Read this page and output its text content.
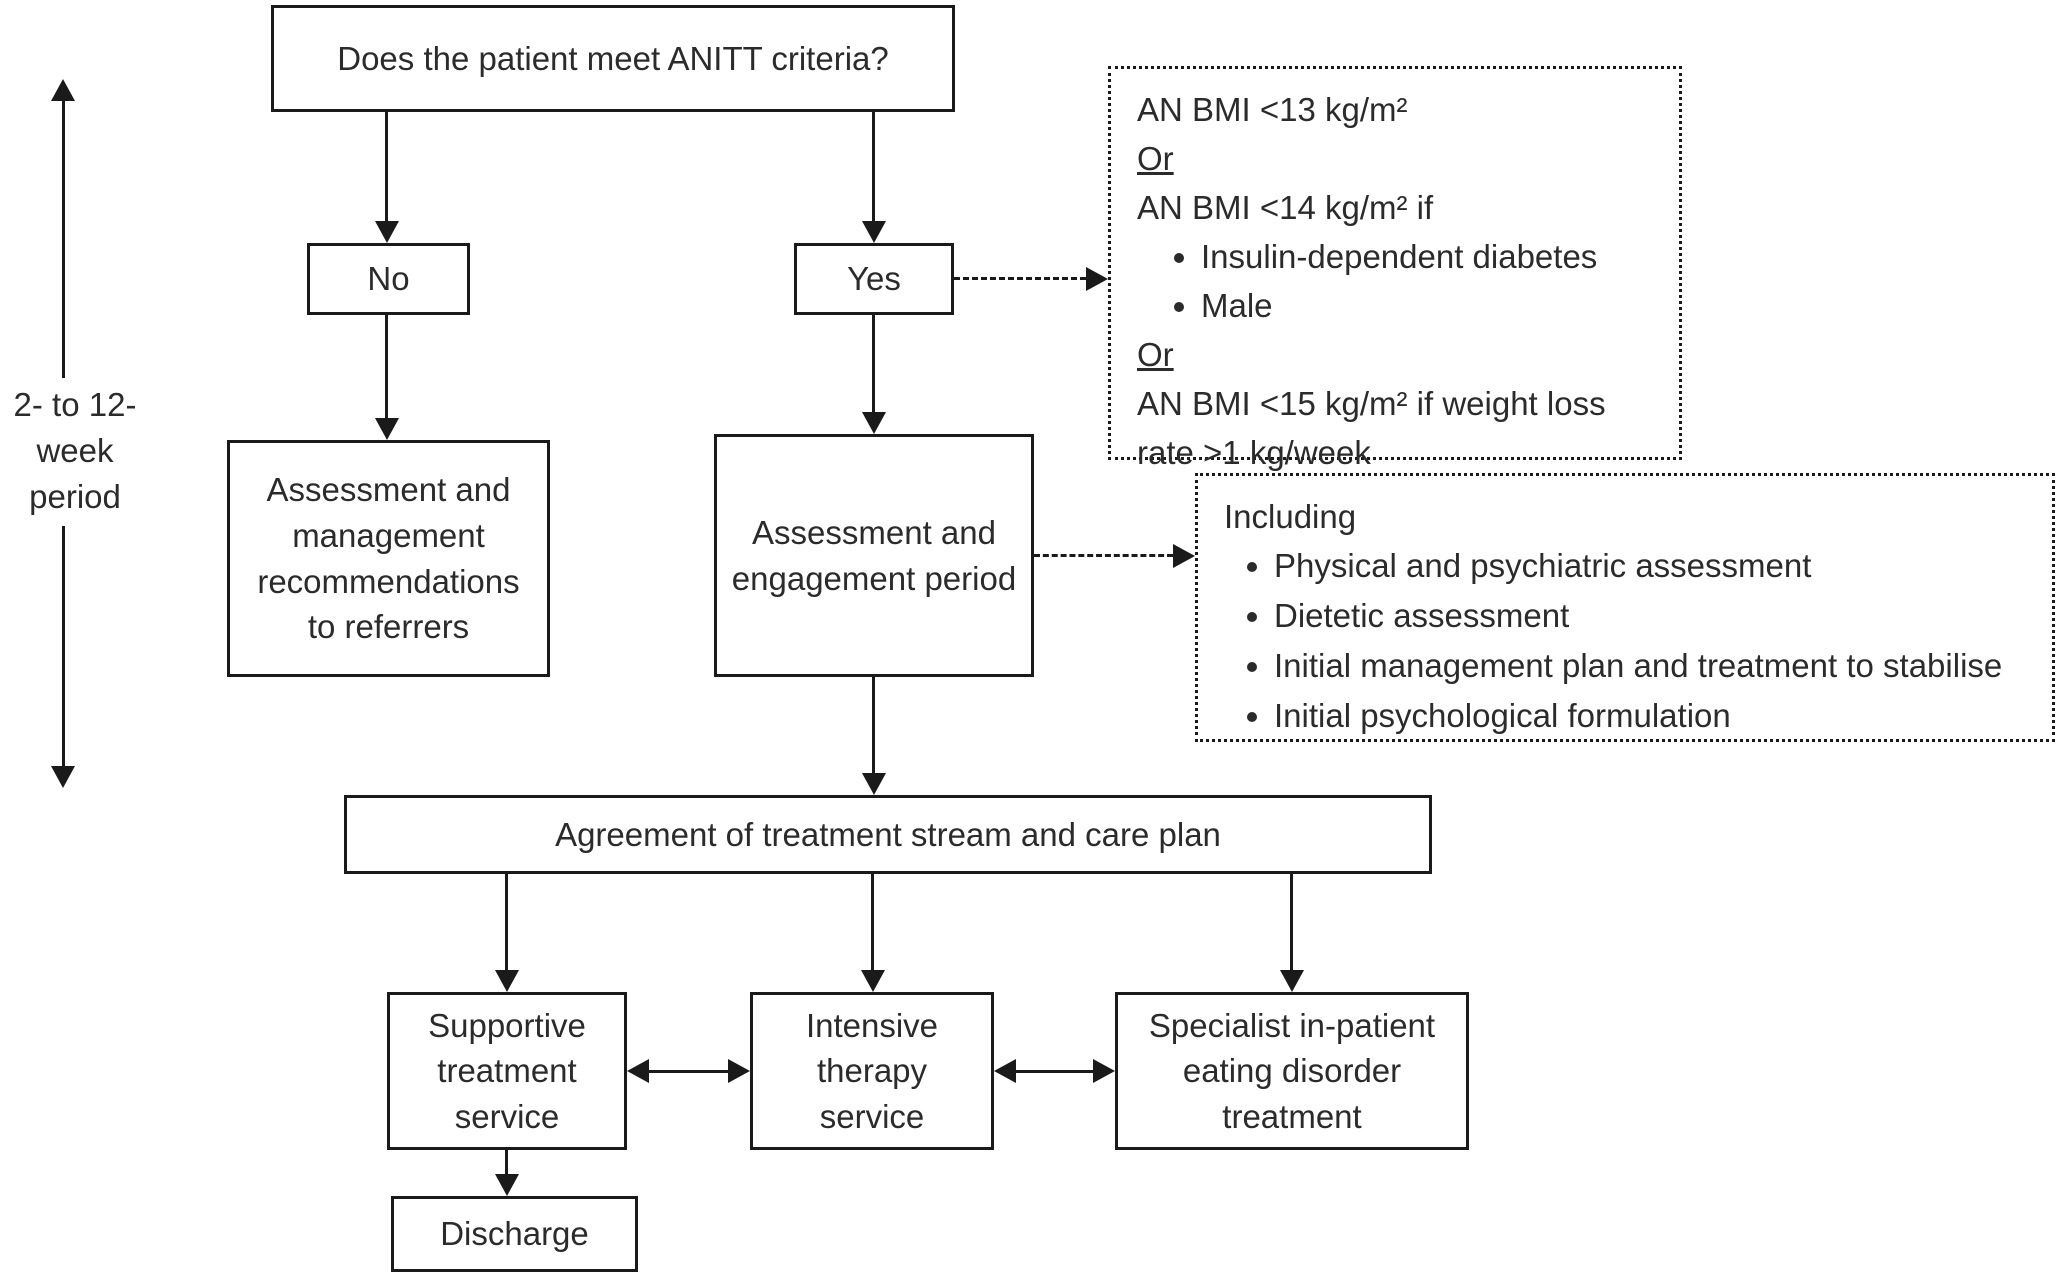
Does the patient meet ANITT criteria?
No	Yes
AN BMI <13 kg/m²
Or
AN BMI <14 kg/m² if
• Insulin-dependent diabetes
• Male
Or
AN BMI <15 kg/m² if weight loss rate >1 kg/week
2- to 12-
week
period	Assessment and management recommendations to referrers
Assessment and engagement period
Including
• Physical and psychiatric assessment
• Dietetic assessment
• Initial management plan and treatment to stabilise
• Initial psychological formulation
Agreement of treatment stream and care plan
Supportive treatment service
Intensive therapy service
Specialist in-patient eating disorder treatment
Discharge
